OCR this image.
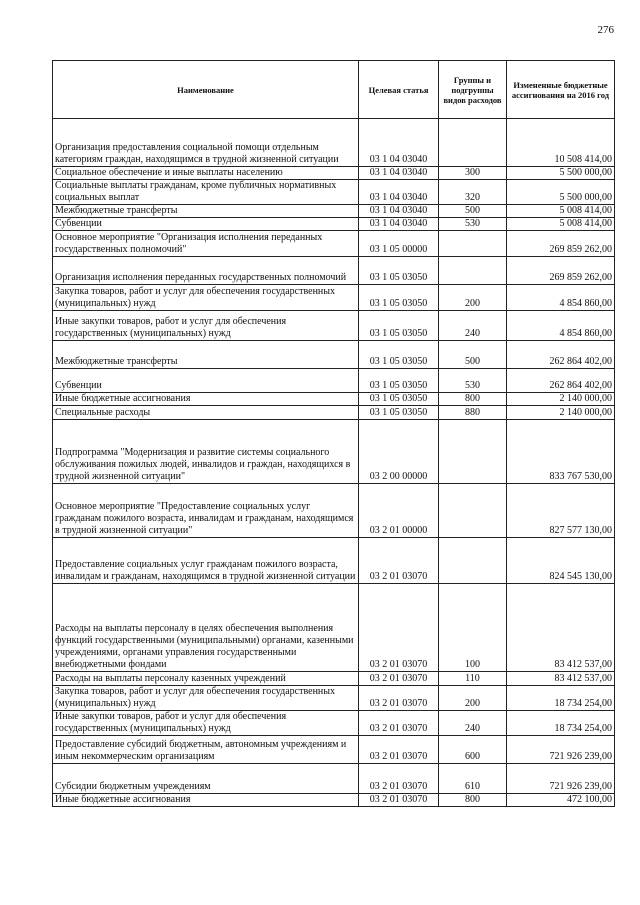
276
Наименование	Целевая статья	Группы и подгруппы видов расходов	Измененные бюджетные ассигнования на 2016 год
Организация предоставления социальной помощи отдельным категориям граждан, находящимся в трудной жизненной ситуации	03 1 04 03040		10 508 414,00
Социальное обеспечение и иные выплаты населению	03 1 04 03040	300	5 500 000,00
Социальные выплаты гражданам, кроме публичных нормативных социальных выплат	03 1 04 03040	320	5 500 000,00
Межбюджетные трансферты	03 1 04 03040	500	5 008 414,00
Субвенции	03 1 04 03040	530	5 008 414,00
Основное мероприятие "Организация исполнения переданных государственных полномочий"	03 1 05 00000		269 859 262,00
Организация исполнения переданных государственных полномочий	03 1 05 03050		269 859 262,00
Закупка товаров, работ и услуг для обеспечения государственных (муниципальных) нужд	03 1 05 03050	200	4 854 860,00
Иные закупки товаров, работ и услуг для обеспечения государственных (муниципальных) нужд	03 1 05 03050	240	4 854 860,00
Межбюджетные трансферты	03 1 05 03050	500	262 864 402,00
Субвенции	03 1 05 03050	530	262 864 402,00
Иные бюджетные ассигнования	03 1 05 03050	800	2 140 000,00
Специальные расходы	03 1 05 03050	880	2 140 000,00
Подпрограмма "Модернизация и развитие системы социального обслуживания пожилых людей, инвалидов и граждан, находящихся в трудной жизненной ситуации"	03 2 00 00000		833 767 530,00
Основное мероприятие "Предоставление социальных услуг гражданам пожилого возраста, инвалидам и гражданам, находящимся в трудной жизненной ситуации"	03 2 01 00000		827 577 130,00
Предоставление социальных услуг гражданам пожилого возраста, инвалидам и гражданам, находящимся в трудной жизненной ситуации	03 2 01 03070		824 545 130,00
Расходы на выплаты персоналу в целях обеспечения выполнения функций государственными (муниципальными) органами, казенными учреждениями, органами управления государственными внебюджетными фондами	03 2 01 03070	100	83 412 537,00
Расходы на выплаты персоналу казенных учреждений	03 2 01 03070	110	83 412 537,00
Закупка товаров, работ и услуг для обеспечения государственных (муниципальных) нужд	03 2 01 03070	200	18 734 254,00
Иные закупки товаров, работ и услуг для обеспечения государственных (муниципальных) нужд	03 2 01 03070	240	18 734 254,00
Предоставление субсидий бюджетным, автономным учреждениям и иным некоммерческим организациям	03 2 01 03070	600	721 926 239,00
Субсидии бюджетным учреждениям	03 2 01 03070	610	721 926 239,00
Иные бюджетные ассигнования	03 2 01 03070	800	472 100,00
